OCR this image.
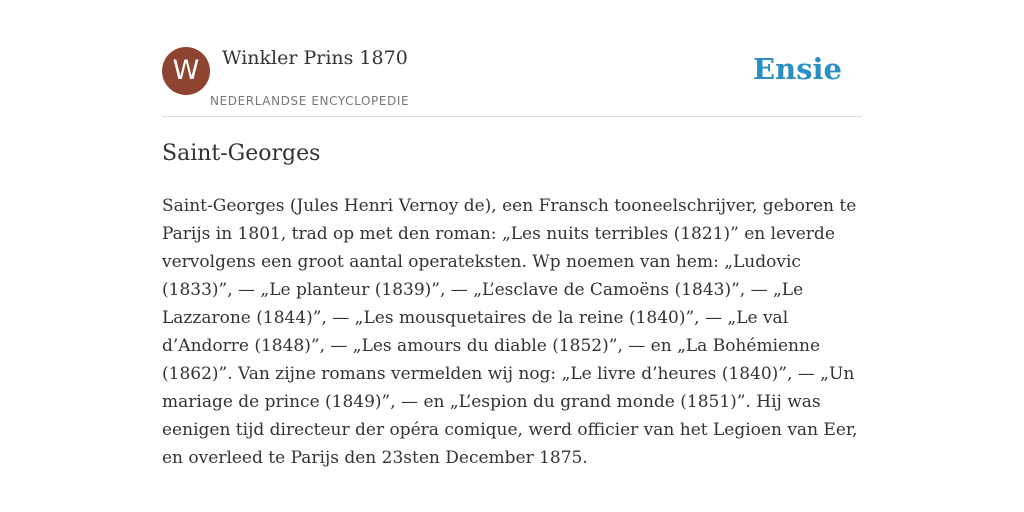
W	Winkler Prins 1870
NEDERLANDSE ENCYCLOPEDIE
Ensie
Saint-Georges

Saint-Georges (Jules Henri Vernoy de), een Fransch tooneelschrijver, geboren te Parijs in 1801, trad op met den roman: „Les nuits terribles (1821)” en leverde vervolgens een groot aantal operateksten. Wp noemen van hem: „Ludovic (1833)”, — „Le planteur (1839)”, — „L’esclave de Camoëns (1843)”, — „Le Lazzarone (1844)”, — „Les mousquetaires de la reine (1840)”, — „Le val d’Andorre (1848)”, — „Les amours du diable (1852)”, — en „La Bohémienne (1862)”. Van zijne romans vermelden wij nog: „Le livre d’heures (1840)”, — „Un mariage de prince (1849)”, — en „L’espion du grand monde (1851)”. Hij was eenigen tijd directeur der opéra comique, werd officier van het Legioen van Eer, en overleed te Parijs den 23sten December 1875.
